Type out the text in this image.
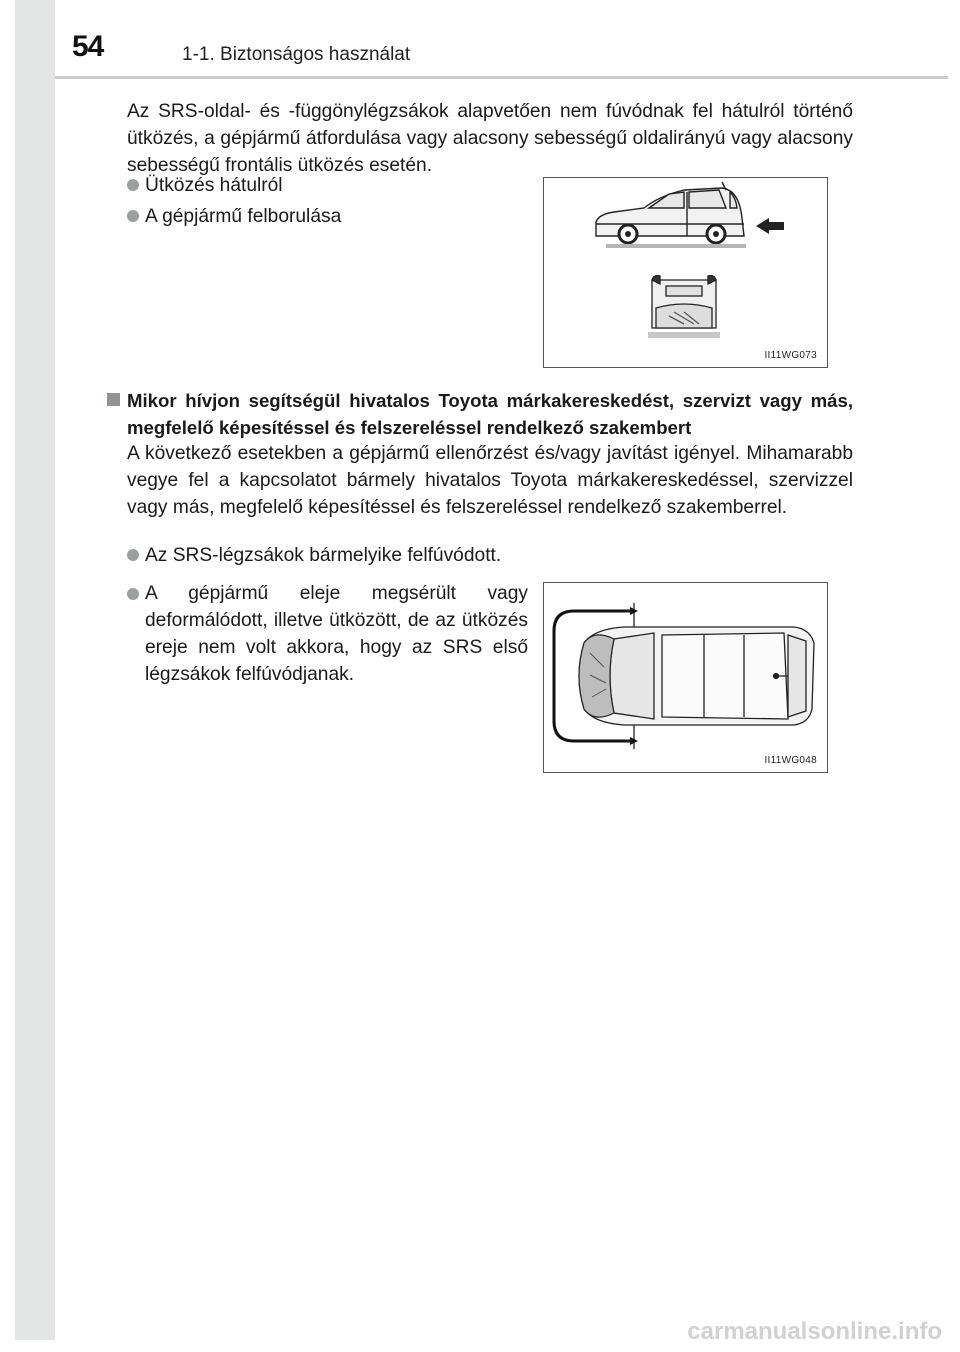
54	1-1. Biztonságos használat
Az SRS-oldal- és -függönylégzsákok alapvetően nem fúvódnak fel hátulról történő ütközés, a gépjármű átfordulása vagy alacsony sebességű oldalirányú vagy alacsony sebességű frontális ütközés esetén.
Ütközés hátulról
A gépjármű felborulása
II11WG073
Mikor hívjon segítségül hivatalos Toyota márkakereskedést, szervizt vagy más, megfelelő képesítéssel és felszereléssel rendelkező szakembert
A következő esetekben a gépjármű ellenőrzést és/vagy javítást igényel. Mihamarabb vegye fel a kapcsolatot bármely hivatalos Toyota márkakereskedéssel, szervizzel vagy más, megfelelő képesítéssel és felszereléssel rendelkező szakemberrel.
Az SRS-légzsákok bármelyike felfúvódott.
A gépjármű eleje megsérült vagy deformálódott, illetve ütközött, de az ütközés ereje nem volt akkora, hogy az SRS első légzsákok felfúvódjanak.
II11WG048
carmanualsonline.info
